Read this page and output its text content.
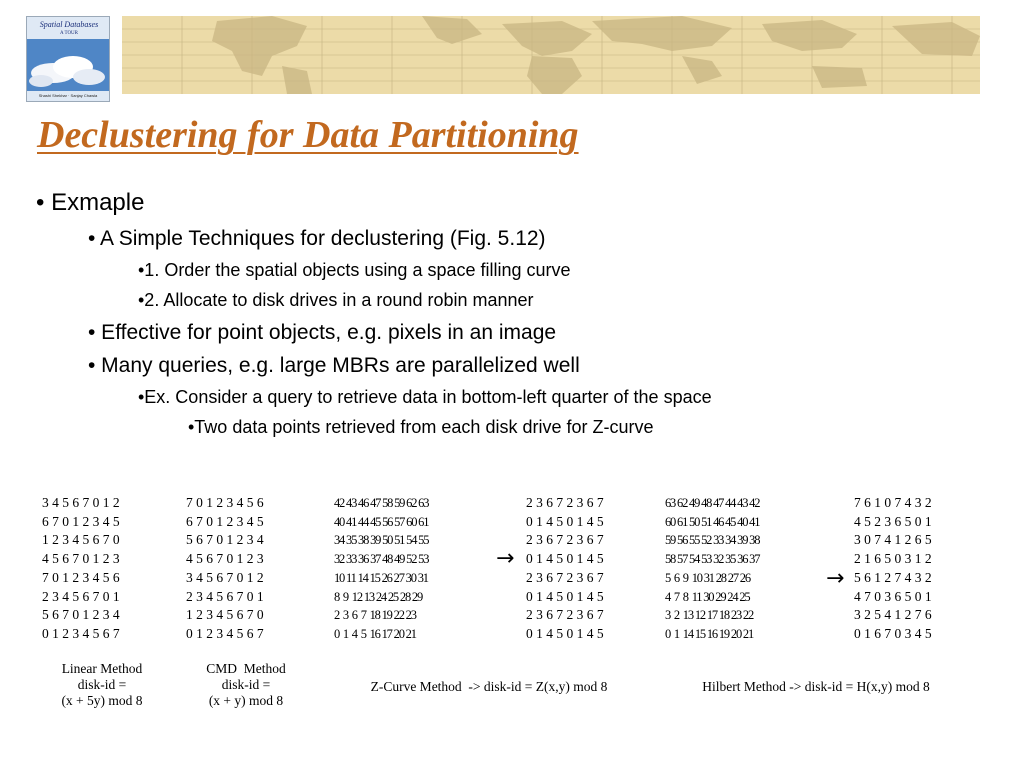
Spatial Databases
A TOUR
Shashi Shekhar · Sanjay Chawla
Declustering for Data Partitioning
• Exmaple
• A Simple Techniques for declustering (Fig. 5.12)
•1. Order the spatial objects using a space filling curve
•2. Allocate to disk drives in a round robin manner
• Effective for point objects, e.g. pixels in an image
• Many queries, e.g. large MBRs are parallelized well
•Ex. Consider a query to retrieve data in bottom-left quarter of the space
•Two data points retrieved from each disk drive for Z-curve
3 4 5 6 7 0 1 2
6 7 0 1 2 3 4 5
1 2 3 4 5 6 7 0
4 5 6 7 0 1 2 3
7 0 1 2 3 4 5 6
2 3 4 5 6 7 0 1
5 6 7 0 1 2 3 4
0 1 2 3 4 5 6 7
7 0 1 2 3 4 5 6
6 7 0 1 2 3 4 5
5 6 7 0 1 2 3 4
4 5 6 7 0 1 2 3
3 4 5 6 7 0 1 2
2 3 4 5 6 7 0 1
1 2 3 4 5 6 7 0
0 1 2 3 4 5 6 7
42 43 46 47 58 59 62 63
40 41 44 45 56 57 60 61
34 35 38 39 50 51 54 55
32 33 36 37 48 49 52 53
10 11 14 15 26 27 30 31
8  9  12 13 24 25 28 29
2  3  6  7  18 19 22 23
0  1  4  5  16 17 20 21
→
2 3 6 7 2 3 6 7
0 1 4 5 0 1 4 5
2 3 6 7 2 3 6 7
0 1 4 5 0 1 4 5
2 3 6 7 2 3 6 7
0 1 4 5 0 1 4 5
2 3 6 7 2 3 6 7
0 1 4 5 0 1 4 5
63 62 49 48 47 44 43 42
60 61 50 51 46 45 40 41
59 56 55 52 33 34 39 38
58 57 54 53 32 35 36 37
5  6  9  10 31 28 27 26
4  7  8  11 30 29 24 25
3  2  13 12 17 18 23 22
0  1  14 15 16 19 20 21
→
7 6 1 0 7 4 3 2
4 5 2 3 6 5 0 1
3 0 7 4 1 2 6 5
2 1 6 5 0 3 1 2
5 6 1 2 7 4 3 2
4 7 0 3 6 5 0 1
3 2 5 4 1 2 7 6
0 1 6 7 0 3 4 5
Linear Method
disk-id =
(x + 5y) mod 8
CMD  Method
disk-id =
(x + y) mod 8
Z-Curve Method  -> disk-id = Z(x,y) mod 8	Hilbert Method -> disk-id = H(x,y) mod 8
